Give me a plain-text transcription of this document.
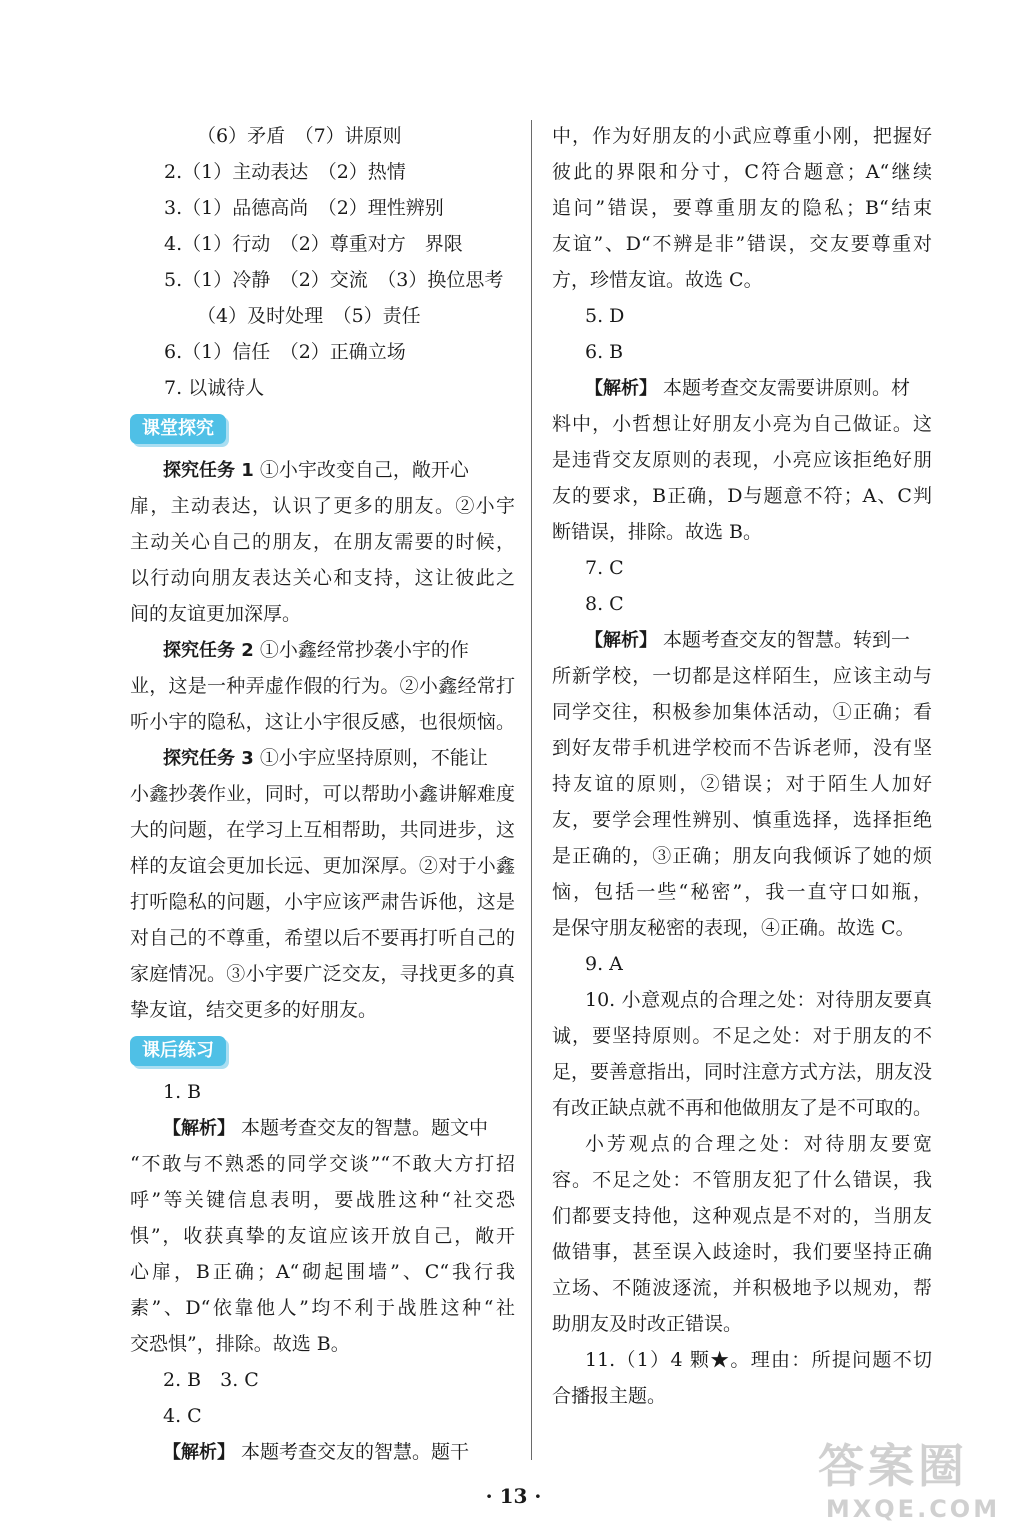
（6）矛盾　（7）讲原则
2.（1）主动表达　（2）热情
3.（1）品德高尚　（2）理性辨别
4.（1）行动　（2）尊重对方　界限
5.（1）冷静　（2）交流　（3）换位思考
（4）及时处理　（5）责任
6.（1）信任　（2）正确立场
7. 以诚待人
课堂探究
探究任务 1 ①小宇改变自己，敞开心
扉，主动表达，认识了更多的朋友。②小宇
主动关心自己的朋友，在朋友需要的时候，
以行动向朋友表达关心和支持，这让彼此之
间的友谊更加深厚。
探究任务 2 ①小鑫经常抄袭小宇的作
业，这是一种弄虚作假的行为。②小鑫经常打
听小宇的隐私，这让小宇很反感，也很烦恼。
探究任务 3 ①小宇应坚持原则，不能让
小鑫抄袭作业，同时，可以帮助小鑫讲解难度
大的问题，在学习上互相帮助，共同进步，这
样的友谊会更加长远、更加深厚。②对于小鑫
打听隐私的问题，小宇应该严肃告诉他，这是
对自己的不尊重，希望以后不要再打听自己的
家庭情况。③小宇要广泛交友，寻找更多的真
挚友谊，结交更多的好朋友。
课后练习
1. B
【解析】 本题考查交友的智慧。题文中
“不敢与不熟悉的同学交谈”“不敢大方打招
呼”等关键信息表明，要战胜这种“社交恐
惧”，收获真挚的友谊应该开放自己，敞开
心扉，B正确；A“砌起围墙”、C“我行我
素”、D“依靠他人”均不利于战胜这种“社
交恐惧”，排除。故选 B。
2. B　3. C
4. C
【解析】 本题考查交友的智慧。题干
中，作为好朋友的小武应尊重小刚，把握好
彼此的界限和分寸，C符合题意；A“继续
追问”错误，要尊重朋友的隐私；B“结束
友谊”、D“不辨是非”错误，交友要尊重对
方，珍惜友谊。故选 C。
5. D
6. B
【解析】 本题考查交友需要讲原则。材
料中，小哲想让好朋友小亮为自己做证。这
是违背交友原则的表现，小亮应该拒绝好朋
友的要求，B正确，D与题意不符；A、C判
断错误，排除。故选 B。
7. C
8. C
【解析】 本题考查交友的智慧。转到一
所新学校，一切都是这样陌生，应该主动与
同学交往，积极参加集体活动，①正确；看
到好友带手机进学校而不告诉老师，没有坚
持友谊的原则，②错误；对于陌生人加好
友，要学会理性辨别、慎重选择，选择拒绝
是正确的，③正确；朋友向我倾诉了她的烦
恼，包括一些“秘密”，我一直守口如瓶，
是保守朋友秘密的表现，④正确。故选 C。
9. A
10. 小意观点的合理之处：对待朋友要真
诚，要坚持原则。不足之处：对于朋友的不
足，要善意指出，同时注意方式方法，朋友没
有改正缺点就不再和他做朋友了是不可取的。
小芳观点的合理之处：对待朋友要宽
容。不足之处：不管朋友犯了什么错误，我
们都要支持他，这种观点是不对的，当朋友
做错事，甚至误入歧途时，我们要坚持正确
立场、不随波逐流，并积极地予以规劝，帮
助朋友及时改正错误。
11.（1）4 颗★。理由：所提问题不切
合播报主题。
· 13 ·
答案圈
MXQE.COM
